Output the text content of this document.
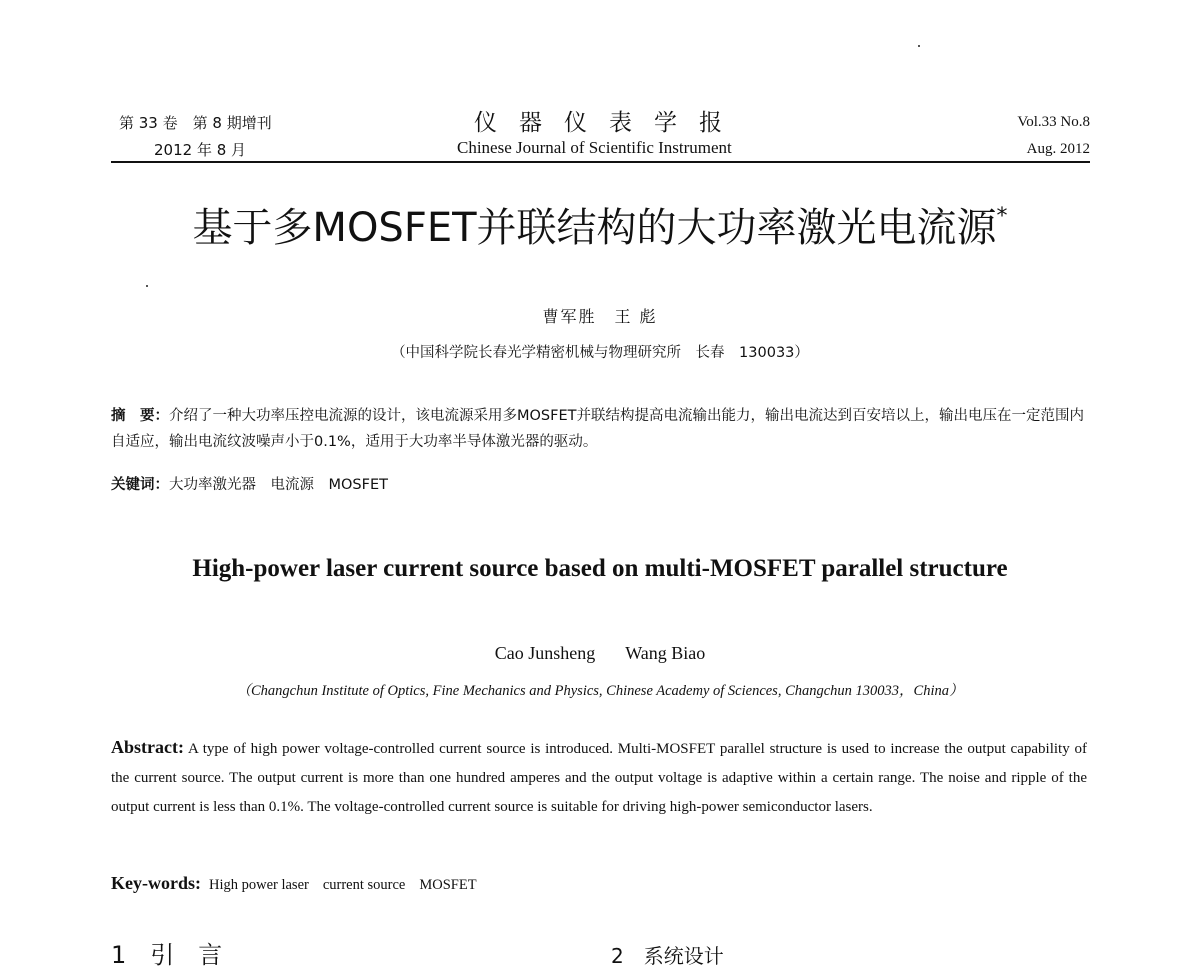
第 33 卷　第 8 期增刊
2012 年 8 月
仪器仪表学报
Chinese Journal of Scientific Instrument
Vol.33 No.8
Aug. 2012
基于多MOSFET并联结构的大功率激光电流源*
曹军胜　王 彪
（中国科学院长春光学精密机械与物理研究所　长春　130033）
摘　要：介绍了一种大功率压控电流源的设计，该电流源采用多MOSFET并联结构提高电流输出能力，输出电流达到百安培以上，输出电压在一定范围内自适应，输出电流纹波噪声小于0.1%，适用于大功率半导体激光器的驱动。
关键词：大功率激光器　电流源　MOSFET
High-power laser current source based on multi-MOSFET parallel structure
Cao Junsheng Wang Biao
（Changchun Institute of Optics, Fine Mechanics and Physics, Chinese Academy of Sciences, Changchun 130033，China）
Abstract: A type of high power voltage-controlled current source is introduced. Multi-MOSFET parallel structure is used to increase the output capability of the current source. The output current is more than one hundred amperes and the output voltage is adaptive within a certain range. The noise and ripple of the output current is less than 0.1%. The voltage-controlled current source is suitable for driving high-power semiconductor lasers.
Key-words: High power laser current source MOSFET
1　引　言	2　系统设计
